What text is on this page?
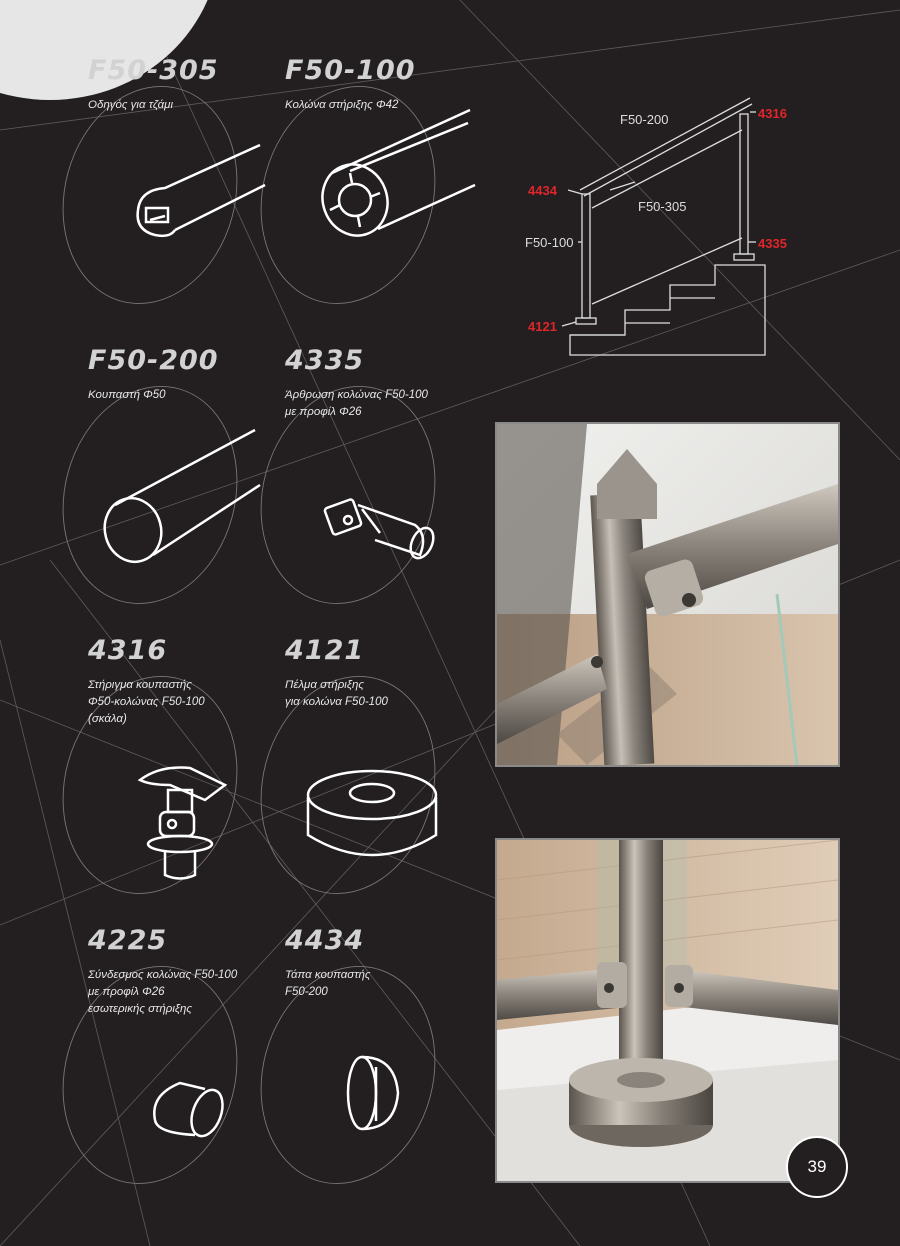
F50-305
Οδηγός για τζάμι
F50-100
Κολώνα στήριξης Φ42
F50-200
Κουπαστή Φ50
4335
Άρθρωση κολώνας F50-100
με προφίλ Φ26
4316
Στήριγμα κουπαστής
Φ50-κολώνας F50-100
(σκάλα)
4121
Πέλμα στήριξης
για κολώνα F50-100
4225
Σύνδεσμος κολώνας F50-100
με προφίλ Φ26
εσωτερικής στήριξης
4434
Τάπα κουπαστής
F50-200
F50-200
F50-305
F50-100
4316
4434
4335
4121
39
